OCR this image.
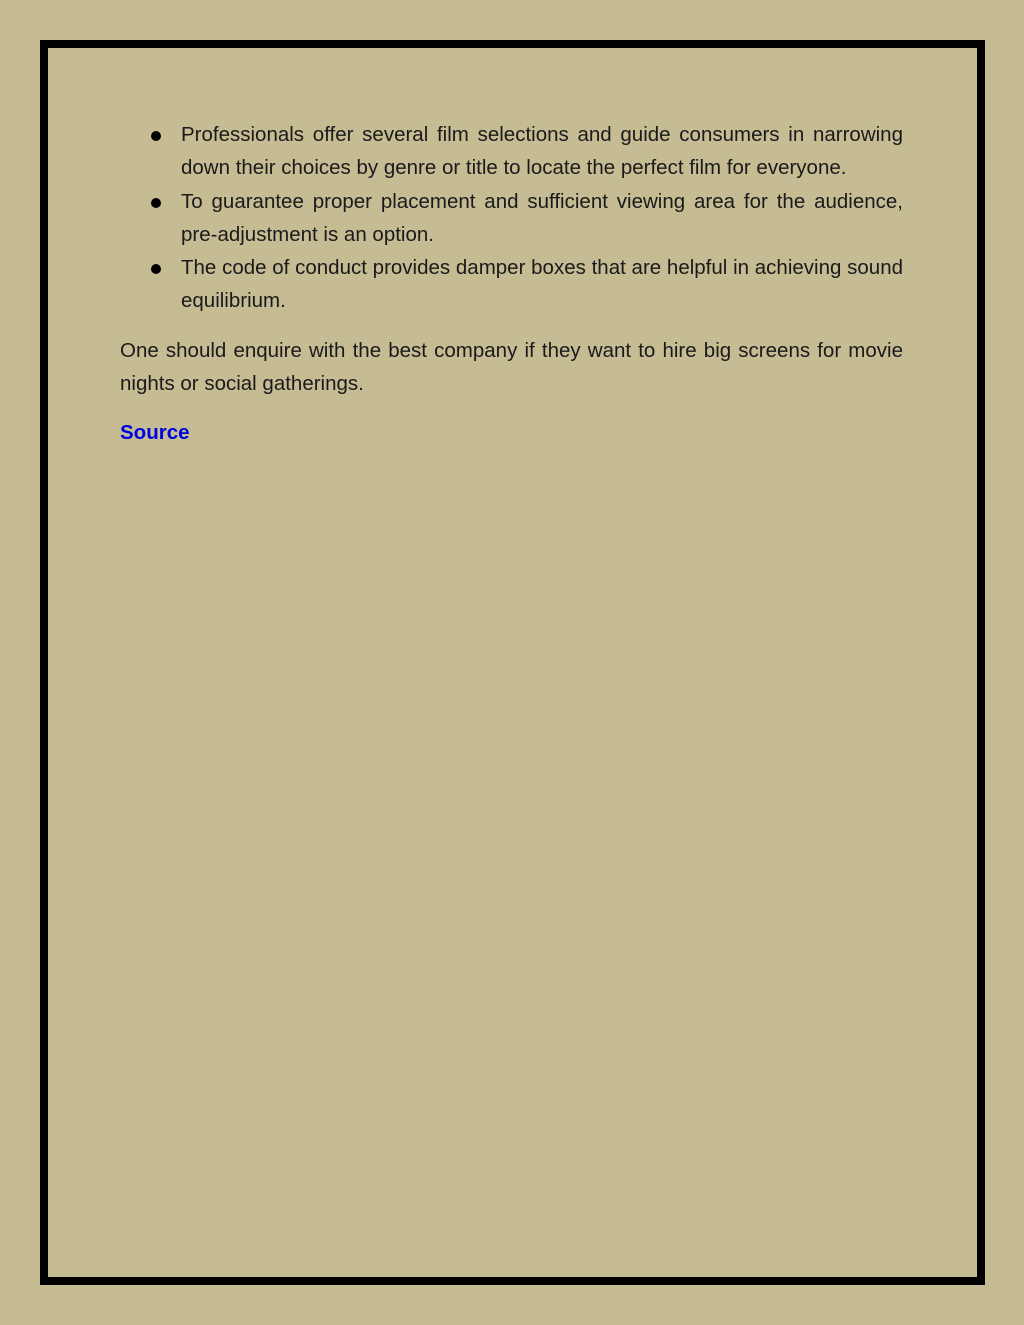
Professionals offer several film selections and guide consumers in narrowing down their choices by genre or title to locate the perfect film for everyone.
To guarantee proper placement and sufficient viewing area for the audience, pre-adjustment is an option.
The code of conduct provides damper boxes that are helpful in achieving sound equilibrium.

One should enquire with the best company if they want to hire big screens for movie nights or social gatherings.

Source
